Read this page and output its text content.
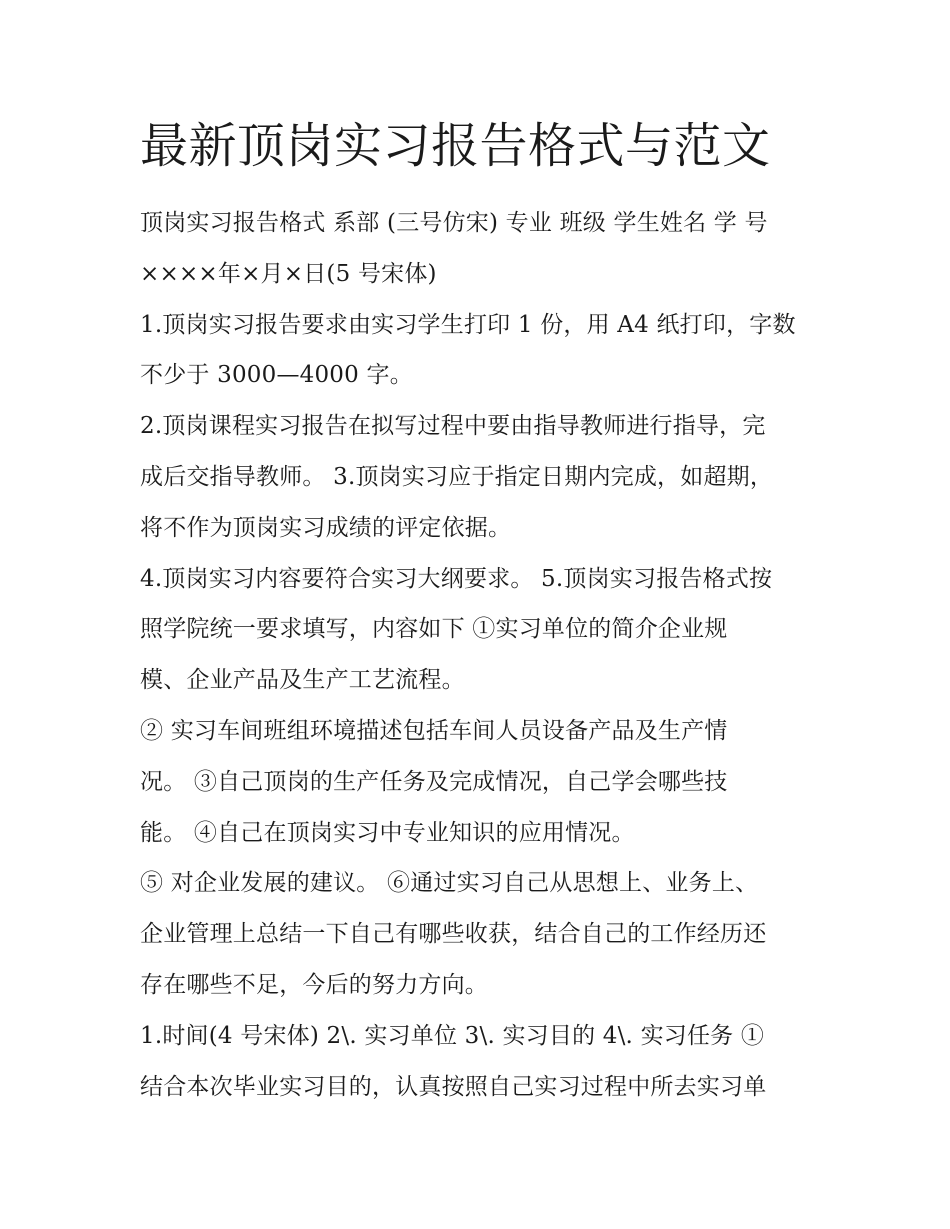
最新顶岗实习报告格式与范文
顶岗实习报告格式 系部 (三号仿宋) 专业 班级 学生姓名 学 号
××××年×月×日(5 号宋体)
1.顶岗实习报告要求由实习学生打印 1 份，用 A4 纸打印，字数
不少于 3000—4000 字。
2.顶岗课程实习报告在拟写过程中要由指导教师进行指导，完
成后交指导教师。 3.顶岗实习应于指定日期内完成，如超期，
将不作为顶岗实习成绩的评定依据。
4.顶岗实习内容要符合实习大纲要求。 5.顶岗实习报告格式按
照学院统一要求填写，内容如下 ①实习单位的简介企业规
模、企业产品及生产工艺流程。
② 实习车间班组环境描述包括车间人员设备产品及生产情
况。 ③自己顶岗的生产任务及完成情况，自己学会哪些技
能。 ④自己在顶岗实习中专业知识的应用情况。
⑤ 对企业发展的建议。 ⑥通过实习自己从思想上、业务上、
企业管理上总结一下自己有哪些收获，结合自己的工作经历还
存在哪些不足，今后的努力方向。
1.时间(4 号宋体) 2\. 实习单位 3\. 实习目的 4\. 实习任务 ①
结合本次毕业实习目的，认真按照自己实习过程中所去实习单
